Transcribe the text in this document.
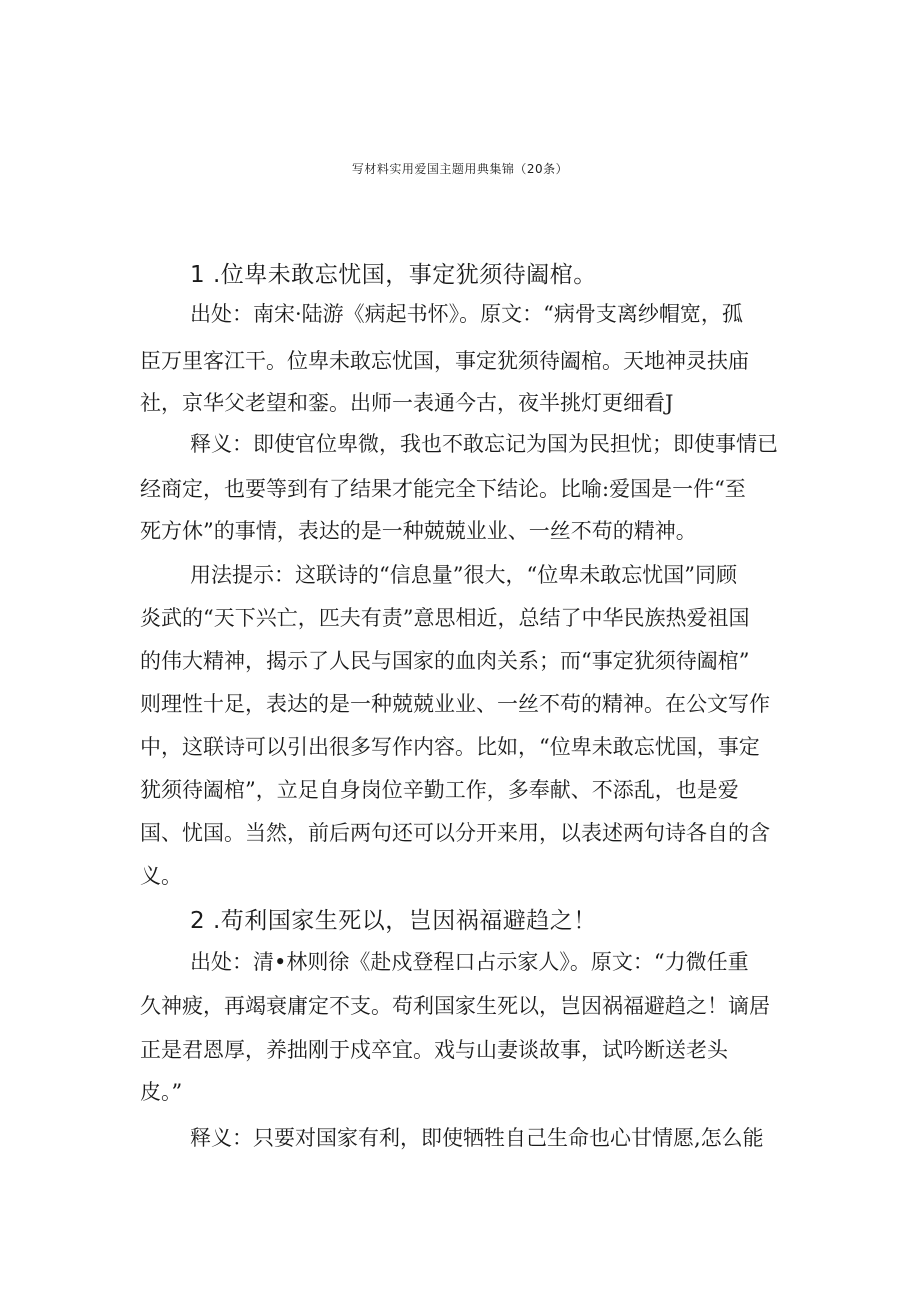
写材料实用爱国主题用典集锦（20条）
1 .位卑未敢忘忧国，事定犹须待阖棺。
出处：南宋·陆游《病起书怀》。原文：“病骨支离纱帽宽，孤
臣万里客江干。位卑未敢忘忧国，事定犹须待阖棺。天地神灵扶庙
社，京华父老望和銮。出师一表通今古，夜半挑灯更细看J
释义：即使官位卑微，我也不敢忘记为国为民担忧；即使事情已
经商定，也要等到有了结果才能完全下结论。比喻:爱国是一件“至
死方休”的事情，表达的是一种兢兢业业、一丝不苟的精神。
用法提示：这联诗的“信息量”很大，“位卑未敢忘忧国”同顾
炎武的“天下兴亡，匹夫有责”意思相近，总结了中华民族热爱祖国
的伟大精神，揭示了人民与国家的血肉关系；而“事定犹须待阖棺”
则理性十足，表达的是一种兢兢业业、一丝不苟的精神。在公文写作
中，这联诗可以引出很多写作内容。比如，“位卑未敢忘忧国，事定
犹须待阖棺”，立足自身岗位辛勤工作，多奉献、不添乱，也是爱
国、忧国。当然，前后两句还可以分开来用，以表述两句诗各自的含
义。
2 .苟利国家生死以，岂因祸福避趋之！
出处：清•林则徐《赴戍登程口占示家人》。原文：“力微任重
久神疲，再竭衰庸定不支。苟利国家生死以，岂因祸福避趋之！谪居
正是君恩厚，养拙刚于戍卒宜。戏与山妻谈故事，试吟断送老头
皮。”
释义：只要对国家有利，即使牺牲自己生命也心甘情愿,怎么能
